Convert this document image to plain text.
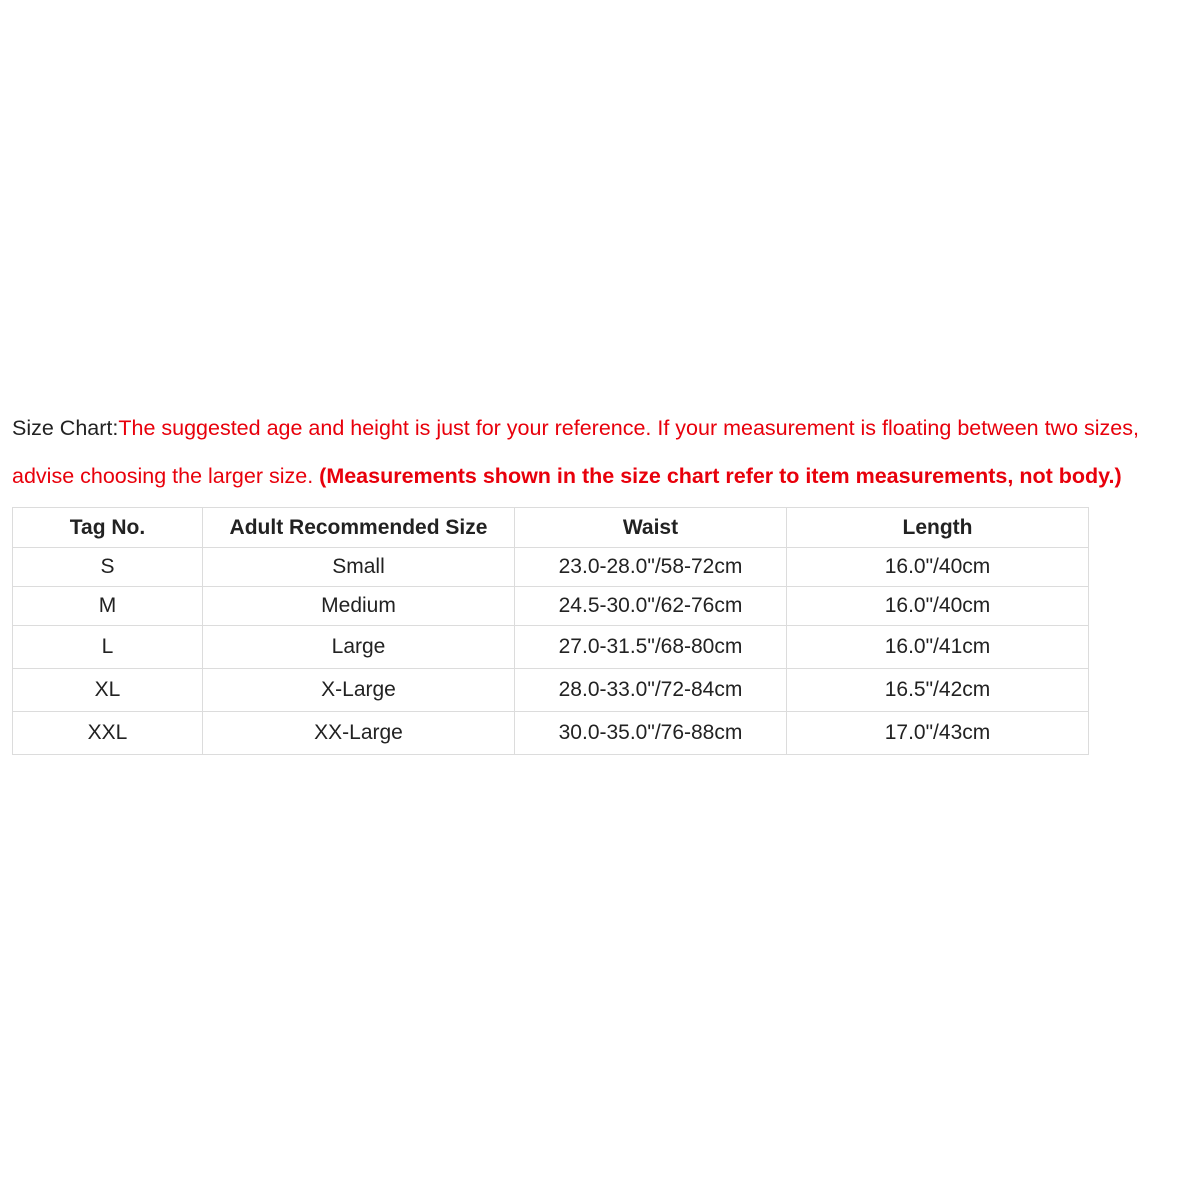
Size Chart:The suggested age and height is just for your reference. If your measurement is floating between two sizes,
advise choosing the larger size. (Measurements shown in the size chart refer to item measurements, not body.)
Tag No.	Adult Recommended Size	Waist	Length
S	Small	23.0-28.0"/58-72cm	16.0"/40cm
M	Medium	24.5-30.0"/62-76cm	16.0"/40cm
L	Large	27.0-31.5"/68-80cm	16.0"/41cm
XL	X-Large	28.0-33.0"/72-84cm	16.5"/42cm
XXL	XX-Large	30.0-35.0"/76-88cm	17.0"/43cm
